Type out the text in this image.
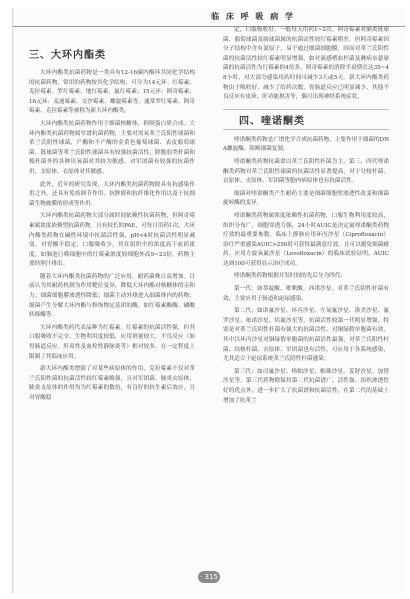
临 床 呼 吸 病 学
三、大环内酯类

大环内酯类抗菌药物是一类具有12-16碳内酯环共同化学结构的抗菌药物，常用的药物按其化学结构，可分为14元环：红霉素、克拉霉素、罗红霉素、地红霉素、氟红霉素；15元环：阿奇霉素；16元环：麦迪霉素、交沙霉素、螺旋霉素等。通常罗红霉素、阿奇霉素、克拉霉素等被称为新大环内酯类。

大环内酯类抗菌药物作用于细菌核糖体，抑制蛋白质合成。大环内酯类抗菌药物属窄谱抗菌药物，主要对需氧革兰氏阳性球菌和革兰氏阴性球菌，产酶和不产酶的金黄色葡萄球菌、表皮葡萄球菌、链球菌等革兰氏阳性球菌具有较强抗菌活性，除脆弱类杆菌和梭杆菌外的各种厌氧菌对其较为敏感，对军团菌有较强的抗菌作用，支原体、衣原体对其敏感。

此外，近年的研究发现，大环内酯类抗菌药物除具有抗感染作用之外，还具有免疫调节作用、抗肿瘤和抗纤维化作用以及于抗细菌生物被膜的形成等作用。

大环内酯类抗菌药物大部分属时间依赖性抗菌药物，但阿奇霉素属浓度依赖型抗菌药物，且有较长的PAE，可每日用药1次。大环内酯类药物在碱性环境中抗菌活性强，pH<4时抗菌活性明显减弱，对胃酸不稳定，口服吸收少，其在组织中的浓度高于血药浓度，如肺泡巨噬细胞中的红霉素浓度较细胞外高9~23倍，药物主要经胆汁排出。

随着大环内酯类抗菌药物的广泛应用，耐药菌株日益增加。目前认为其耐药机制为作用靶位变异，降低大环内酯对核糖体的亲和力；细菌细胞膜渗透性降低；细菌主动外排进入细菌体内的药物；细菌产生分解大环内酯与修饰物定基团的酶，如红霉素酯酶、磷酸转移酶等。

大环内酯类药代表品种为红霉素。红霉素的抗菌活性强，但其口服吸收不完全、生物利用度较低，应用剂量较大，不良反应（如胃肠道反应、肝毒性及血栓性静脉炎等）相对较多，在一定程度上限制了其临床应用。

新大环内酯类增强了对某些病原体的作用，克拉霉素不仅对革兰氏阳性菌的抗菌活性较红霉素略强，且对军团菌、肺炎衣原体、肺炎支原体的作用均为红霉素的数倍，有良好的抗生素后效应，且对胃酸稳

定，口服吸收好，一般每天用药1~2次。阿奇霉素对肺炎链球菌、葡萄球菌及肠球菌属的抗菌活性较红霉素稍差，但阿奇霉素因分子结构中含有氮原子，易于通过细菌细胞膜，因而对革兰氏阴性菌的抗菌活性较红霉素明显增强，如对流感嗜血杆菌及淋病奈瑟球菌的抗菌活性为红霉素的4倍多，阿奇霉素的消除半衰期长达35~48小时，对大部分感染用药时间可减少3天或5天。新大环内酯类药物由于吸收好，减少了给药次数，胃肠道反应已明显减少，其他不良反应有皮疹、肝功能损害等，偶可出现神经系统症状。

四、喹诺酮类

喹诺酮类药物是广谱化学合成抗菌药物，主要作用于细菌的DNA螺旋酶，阻断细菌复制。

喹诺酮类药物抗菌谱以革兰氏阴性杆菌为主，第三、四代喹诺酮类药物对革兰氏阳性球菌的抗菌活性显著提高，对于分枝杆菌、衣原体、支原体、军团菌等胞内病原体也有抗菌活性。

细菌对喹诺酮类产生耐药主要是细菌细胞壁渗透性改变和细菌旋转酶的变异。

喹诺酮类药物属浓度依赖性抗菌药物，口服生物利用度较高，组织分布广，细胞穿透力强，24小时AUIC是决定氟喹诺酮类药物疗效的最重要参数。临床上静脉应用环丙沙星（Ciprofloxacin）治疗严重感染AUIC>250时可获得最满意疗效，且可以避免细菌耐药。应用左旋氧氟沙星（Levofloxacin）的临床试验证明，AUIC达到100可获得显示治疗成功。

喹诺酮类药物根据开发时间的先后分为四代：

第一代：如萘啶酸、吡哌酸、西诺沙星。对革兰氏阴性杆菌有效，主要应用于肠道和泌尿感染。

第二代：如诺氟沙星、环丙沙星、左氧氟沙星、洛美沙星、氟罗沙星、依诺沙星、培氟沙星等。抗菌活性较第一代明显增强，特别是对革兰氏阴性杆菌有强大的抗菌活性，对铜绿假单胞菌有效，其中以环丙沙星对铜绿假单胞菌的抗菌活性最强，对革兰氏阳性杆菌、结核杆菌、衣原体、军团菌也有活性。可应用于各系统感染，尤其适合于泌尿系统革兰氏阴性杆菌感染。

第三代：如司氟沙星、格帕沙星、帕珠沙星、妥舒沙星、加替沙星等。第三代药物除保持第二代抗菌谱广、活性强、组织渗透性好的优点外，进一步扩大了抗菌谱和抗菌活性，在第二代的基础上增加了抗革兰

· 315 ·
